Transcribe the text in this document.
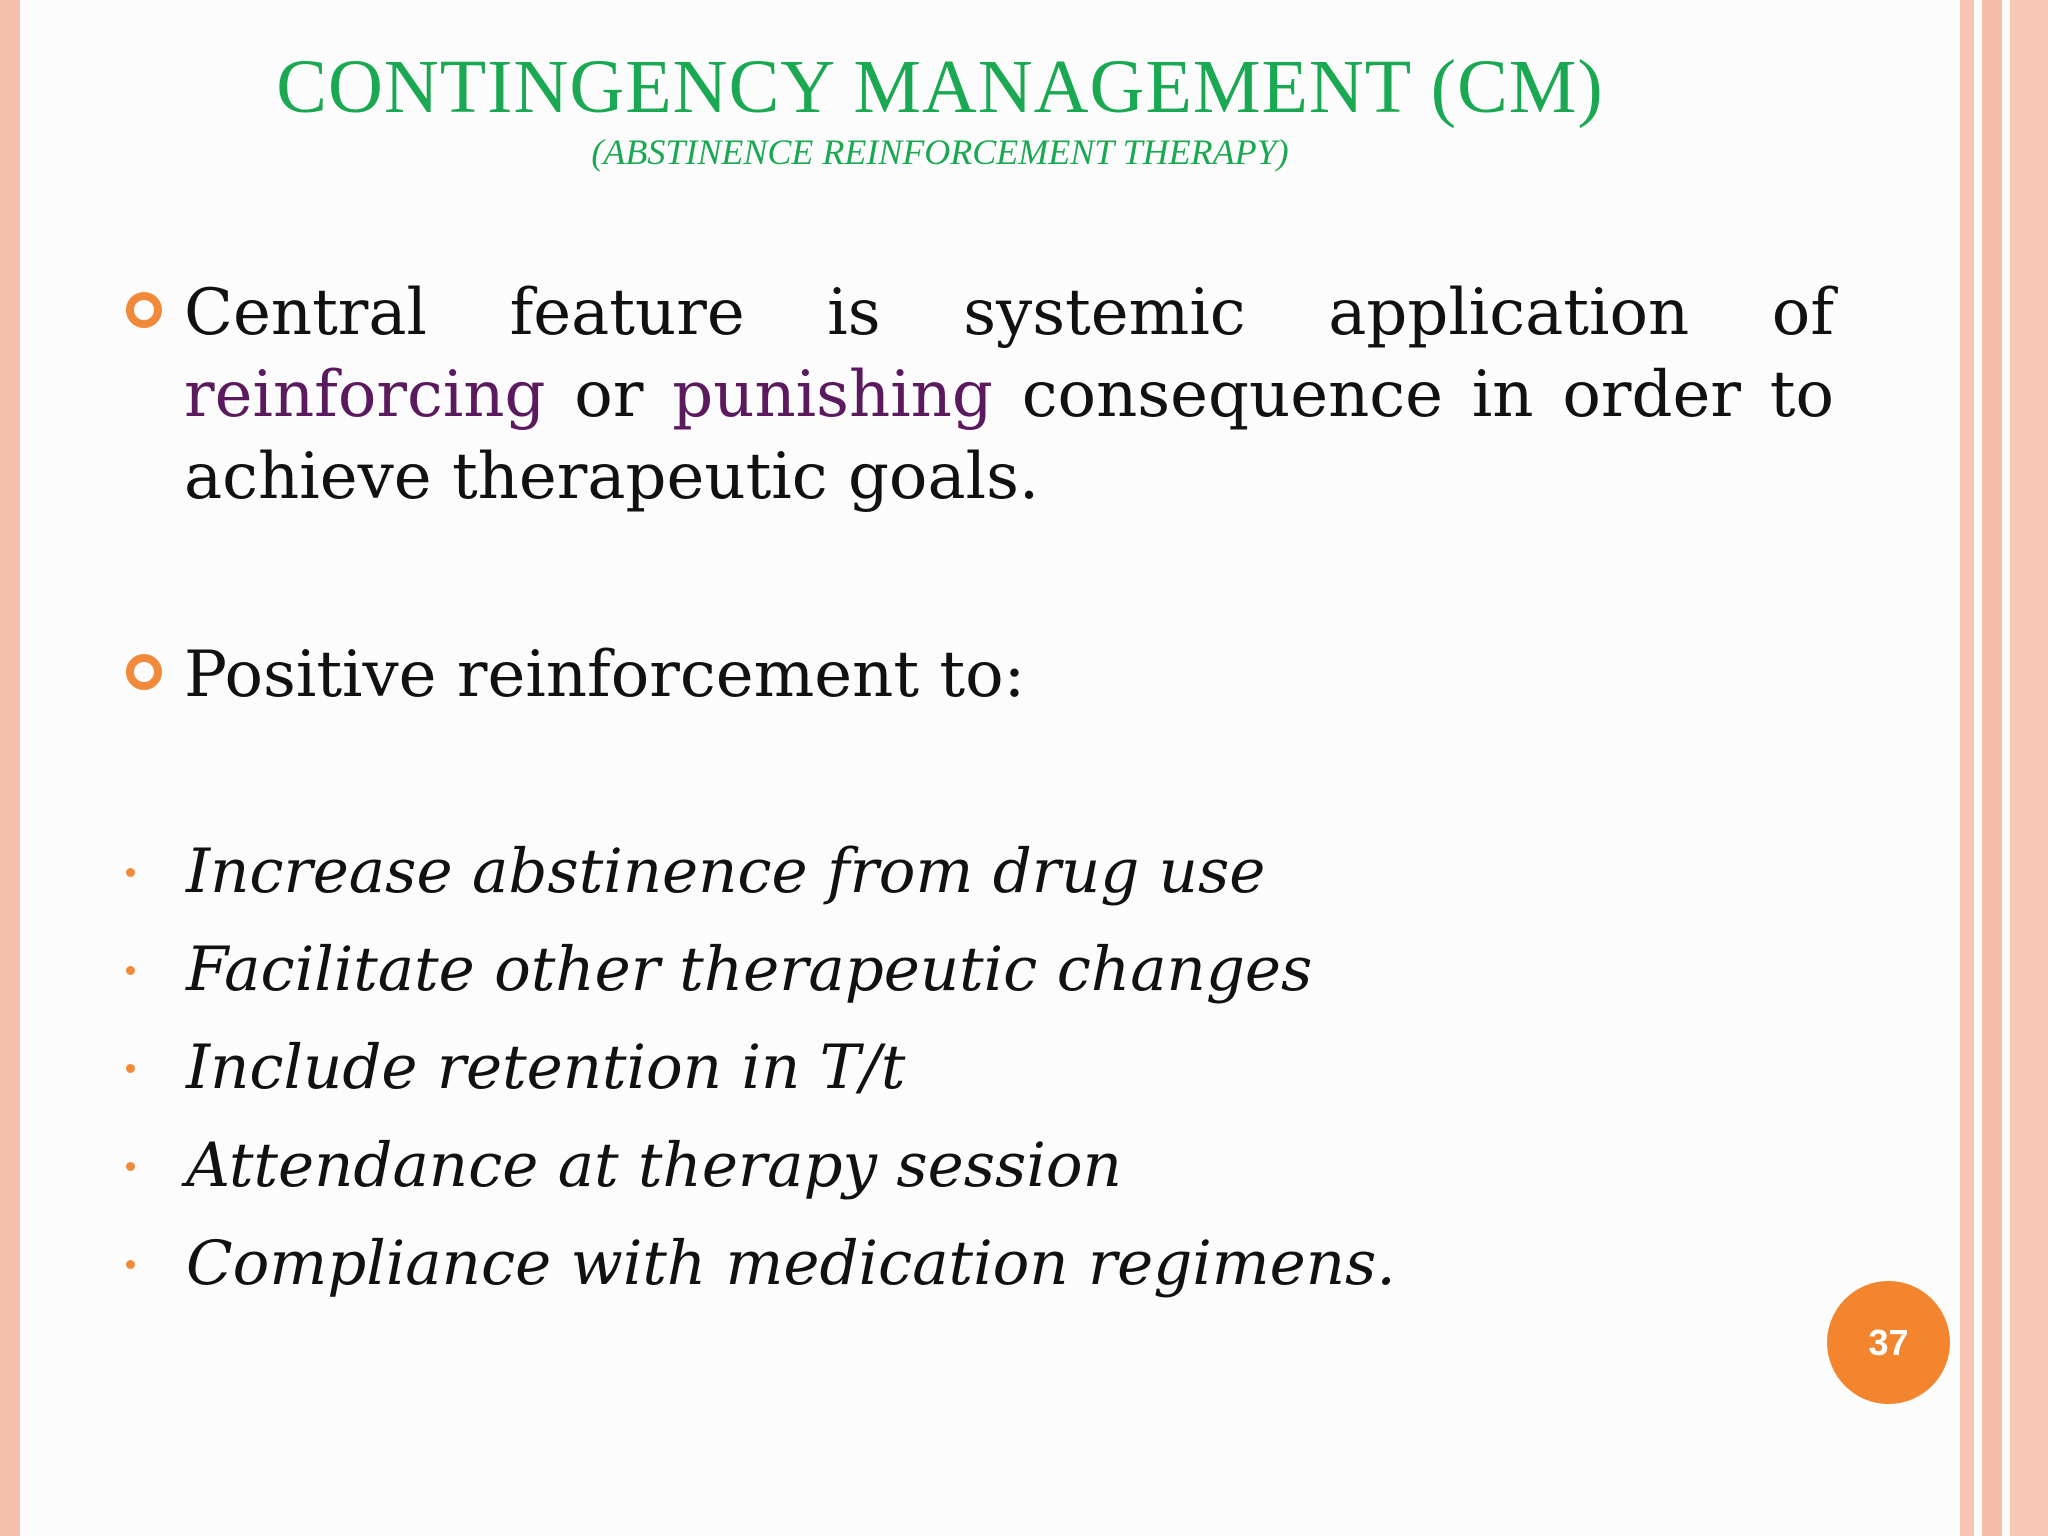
CONTINGENCY MANAGEMENT (CM)
(ABSTINENCE REINFORCEMENT THERAPY)
Central feature is systemic application of reinforcing or punishing consequence in order to achieve therapeutic goals.
Positive reinforcement to:
Increase abstinence from drug use
Facilitate other therapeutic changes
Include retention in T/t
Attendance at therapy session
Compliance with medication regimens.
37
